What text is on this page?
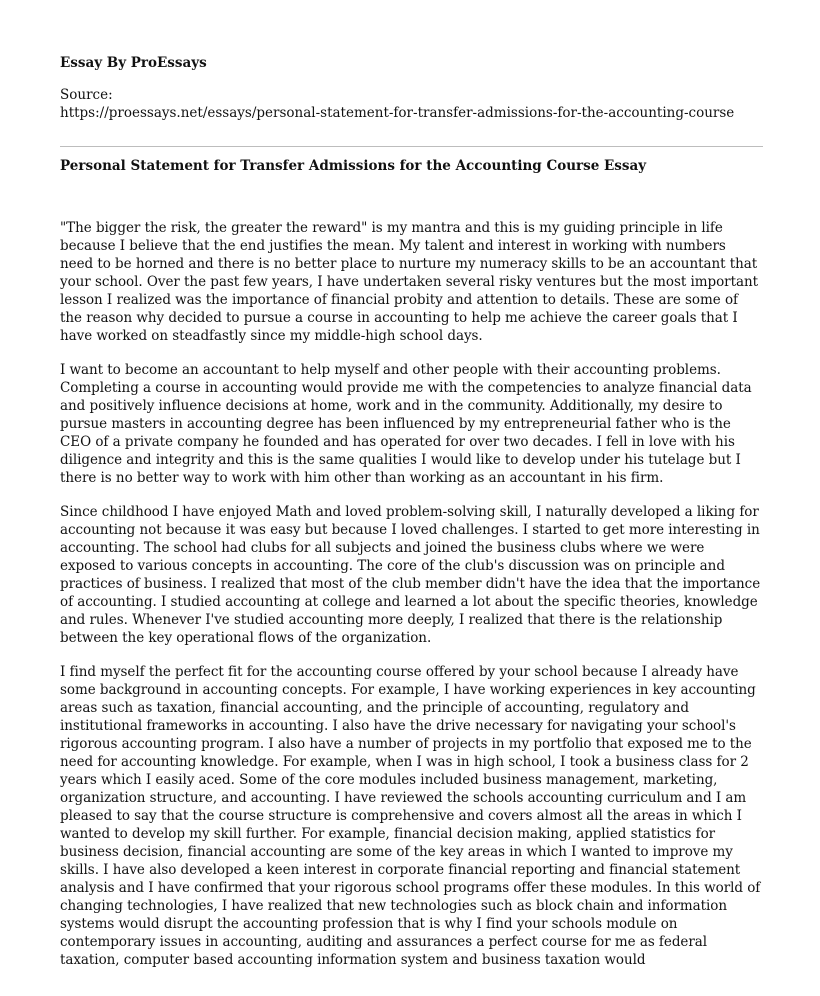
Essay By ProEssays
Source:
https://proessays.net/essays/personal-statement-for-transfer-admissions-for-the-accounting-course
Personal Statement for Transfer Admissions for the Accounting Course Essay

"The bigger the risk, the greater the reward" is my mantra and this is my guiding principle in life because I believe that the end justifies the mean. My talent and interest in working with numbers need to be horned and there is no better place to nurture my numeracy skills to be an accountant that your school. Over the past few years, I have undertaken several risky ventures but the most important lesson I realized was the importance of financial probity and attention to details. These are some of the reason why decided to pursue a course in accounting to help me achieve the career goals that I have worked on steadfastly since my middle-high school days.

I want to become an accountant to help myself and other people with their accounting problems. Completing a course in accounting would provide me with the competencies to analyze financial data and positively influence decisions at home, work and in the community. Additionally, my desire to pursue masters in accounting degree has been influenced by my entrepreneurial father who is the CEO of a private company he founded and has operated for over two decades. I fell in love with his diligence and integrity and this is the same qualities I would like to develop under his tutelage but I there is no better way to work with him other than working as an accountant in his firm.

Since childhood I have enjoyed Math and loved problem-solving skill, I naturally developed a liking for accounting not because it was easy but because I loved challenges. I started to get more interesting in accounting. The school had clubs for all subjects and joined the business clubs where we were exposed to various concepts in accounting. The core of the club's discussion was on principle and practices of business. I realized that most of the club member didn't have the idea that the importance of accounting. I studied accounting at college and learned a lot about the specific theories, knowledge and rules. Whenever I've studied accounting more deeply, I realized that there is the relationship between the key operational flows of the organization.

I find myself the perfect fit for the accounting course offered by your school because I already have some background in accounting concepts. For example, I have working experiences in key accounting areas such as taxation, financial accounting, and the principle of accounting, regulatory and institutional frameworks in accounting. I also have the drive necessary for navigating your school's rigorous accounting program. I also have a number of projects in my portfolio that exposed me to the need for accounting knowledge. For example, when I was in high school, I took a business class for 2 years which I easily aced. Some of the core modules included business management, marketing, organization structure, and accounting. I have reviewed the schools accounting curriculum and I am pleased to say that the course structure is comprehensive and covers almost all the areas in which I wanted to develop my skill further. For example, financial decision making, applied statistics for business decision, financial accounting are some of the key areas in which I wanted to improve my skills. I have also developed a keen interest in corporate financial reporting and financial statement analysis and I have confirmed that your rigorous school programs offer these modules. In this world of changing technologies, I have realized that new technologies such as block chain and information systems would disrupt the accounting profession that is why I find your schools module on contemporary issues in accounting, auditing and assurances a perfect course for me as federal taxation, computer based accounting information system and business taxation would
